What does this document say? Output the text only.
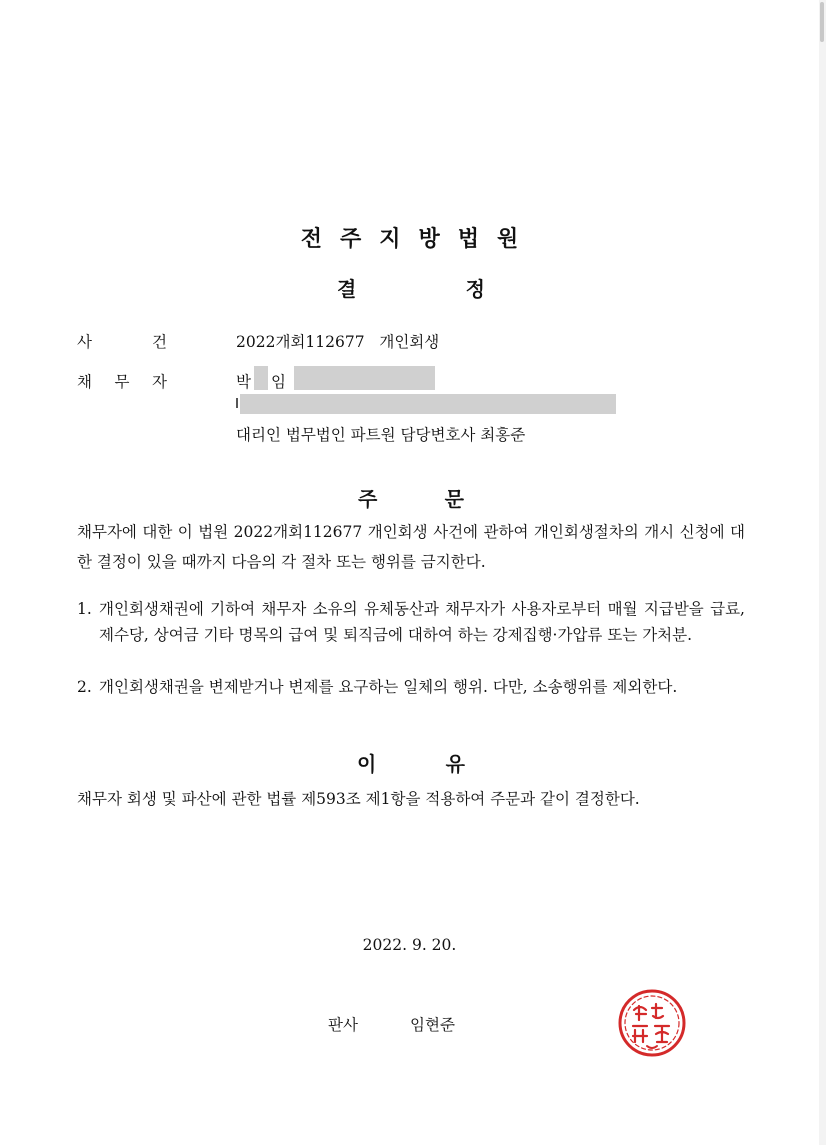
전주지방법원
결	정
사	건	2022개회112677 개인회생
채 무 자	박 임
대리인 법무법인 파트원 담당변호사 최홍준
주	문
채무자에 대한 이 법원 2022개회112677 개인회생 사건에 관하여 개인회생절차의 개시 신청에 대한 결정이 있을 때까지 다음의 각 절차 또는 행위를 금지한다.
1. 개인회생채권에 기하여 채무자 소유의 유체동산과 채무자가 사용자로부터 매월 지급받을 급료, 제수당, 상여금 기타 명목의 급여 및 퇴직금에 대하여 하는 강제집행·가압류 또는 가처분.
2. 개인회생채권을 변제받거나 변제를 요구하는 일체의 행위. 다만, 소송행위를 제외한다.
이	유
채무자 회생 및 파산에 관한 법률 제593조 제1항을 적용하여 주문과 같이 결정한다.
2022. 9. 20.
판사	임현준
